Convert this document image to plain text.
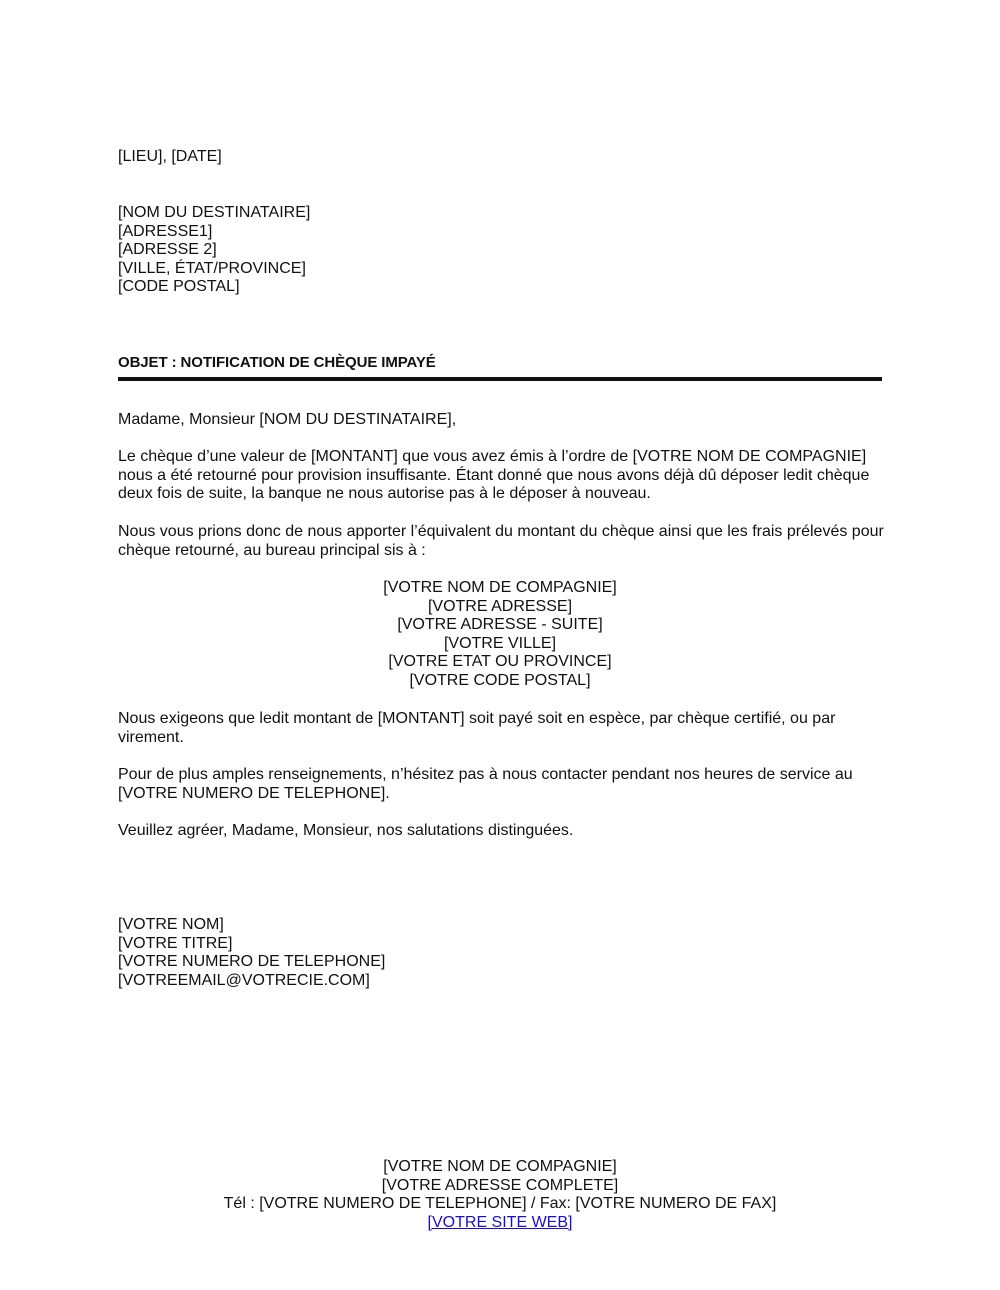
[LIEU], [DATE]
[NOM DU DESTINATAIRE]
[ADRESSE1]
[ADRESSE 2]
[VILLE, ÉTAT/PROVINCE]
[CODE POSTAL]
OBJET : NOTIFICATION DE CHÈQUE IMPAYÉ
Madame, Monsieur [NOM DU DESTINATAIRE],
Le chèque d’une valeur de [MONTANT] que vous avez émis à l’ordre de [VOTRE NOM DE COMPAGNIE] nous a été retourné pour provision insuffisante. Étant donné que nous avons déjà dû déposer ledit chèque deux fois de suite, la banque ne nous autorise pas à le déposer à nouveau.
Nous vous prions donc de nous apporter l’équivalent du montant du chèque ainsi que les frais prélevés pour chèque retourné, au bureau principal sis à :
[VOTRE NOM DE COMPAGNIE]
[VOTRE ADRESSE]
[VOTRE ADRESSE - SUITE]
[VOTRE VILLE]
[VOTRE ETAT OU PROVINCE]
[VOTRE CODE POSTAL]
Nous exigeons que ledit montant de [MONTANT] soit payé soit en espèce, par chèque certifié, ou par virement.
Pour de plus amples renseignements, n’hésitez pas à nous contacter pendant nos heures de service au [VOTRE NUMERO DE TELEPHONE].
Veuillez agréer, Madame, Monsieur, nos salutations distinguées.
[VOTRE NOM]
[VOTRE TITRE]
[VOTRE NUMERO DE TELEPHONE]
[VOTREEMAIL@VOTRECIE.COM]
[VOTRE NOM DE COMPAGNIE]
[VOTRE ADRESSE COMPLETE]
Tél : [VOTRE NUMERO DE TELEPHONE] / Fax: [VOTRE NUMERO DE FAX]
[VOTRE SITE WEB]
